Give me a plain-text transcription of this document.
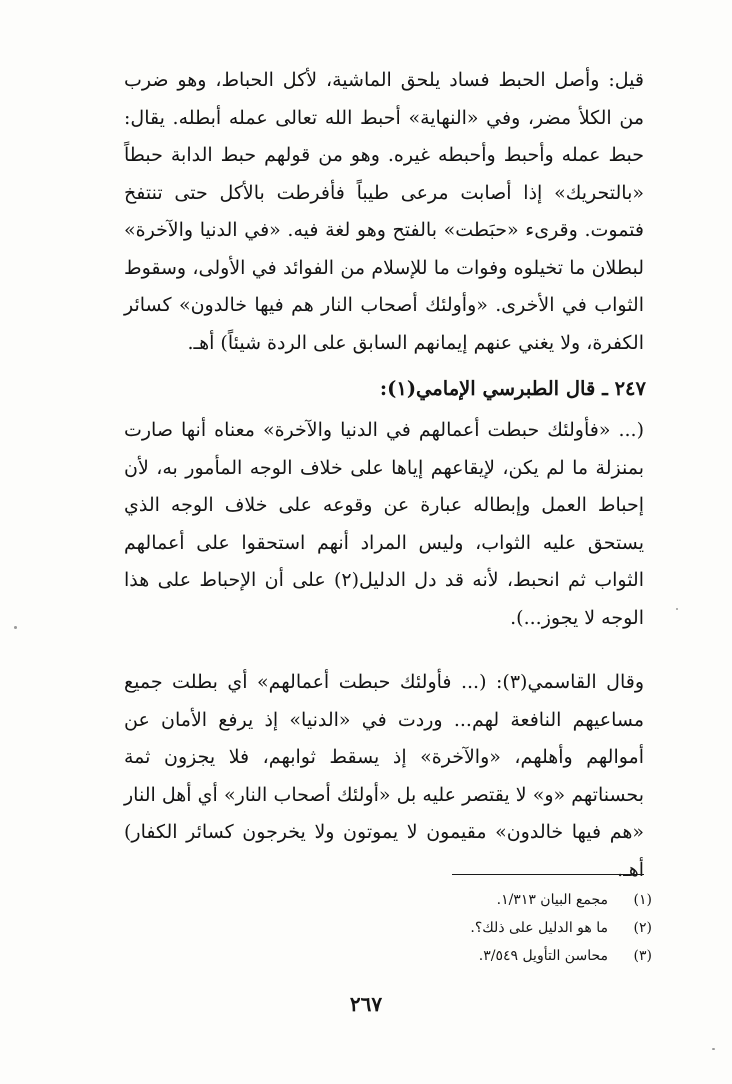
قيل: وأصل الحبط فساد يلحق الماشية، لأكل الحباط، وهو ضرب من الكلأ مضر، وفي «النهاية» أحبط الله تعالى عمله أبطله. يقال: حبط عمله وأحبط وأحبطه غيره. وهو من قولهم حبط الدابة حبطاً «بالتحريك» إذا أصابت مرعى طيباً فأفرطت بالأكل حتى تنتفخ فتموت. وقرىء «حبَطت» بالفتح وهو لغة فيه. «في الدنيا والآخرة» لبطلان ما تخيلوه وفوات ما للإسلام من الفوائد في الأولى، وسقوط الثواب في الأخرى. «وأولئك أصحاب النار هم فيها خالدون» كسائر الكفرة، ولا يغني عنهم إيمانهم السابق على الردة شيئاً) أهـ.

٢٤٧ ـ قال الطبرسي الإمامي(١):

(... «فأولئك حبطت أعمالهم في الدنيا والآخرة» معناه أنها صارت بمنزلة ما لم يكن، لإيقاعهم إياها على خلاف الوجه المأمور به، لأن إحباط العمل وإبطاله عبارة عن وقوعه على خلاف الوجه الذي يستحق عليه الثواب، وليس المراد أنهم استحقوا على أعمالهم الثواب ثم انحبط، لأنه قد دل الدليل(٢) على أن الإحباط على هذا الوجه لا يجوز...).

وقال القاسمي(٣): (... فأولئك حبطت أعمالهم» أي بطلت جميع مساعيهم النافعة لهم... وردت في «الدنيا» إذ يرفع الأمان عن أموالهم وأهلهم، «والآخرة» إذ يسقط ثوابهم، فلا يجزون ثمة بحسناتهم «و» لا يقتصر عليه بل «أولئك أصحاب النار» أي أهل النار «هم فيها خالدون» مقيمون لا يموتون ولا يخرجون كسائر الكفار) أهـ.

(١)
مجمع البيان ١/٣١٣.
(٢)
ما هو الدليل على ذلك؟.
(٣)
محاسن التأويل ٣/٥٤٩.
٢٦٧
